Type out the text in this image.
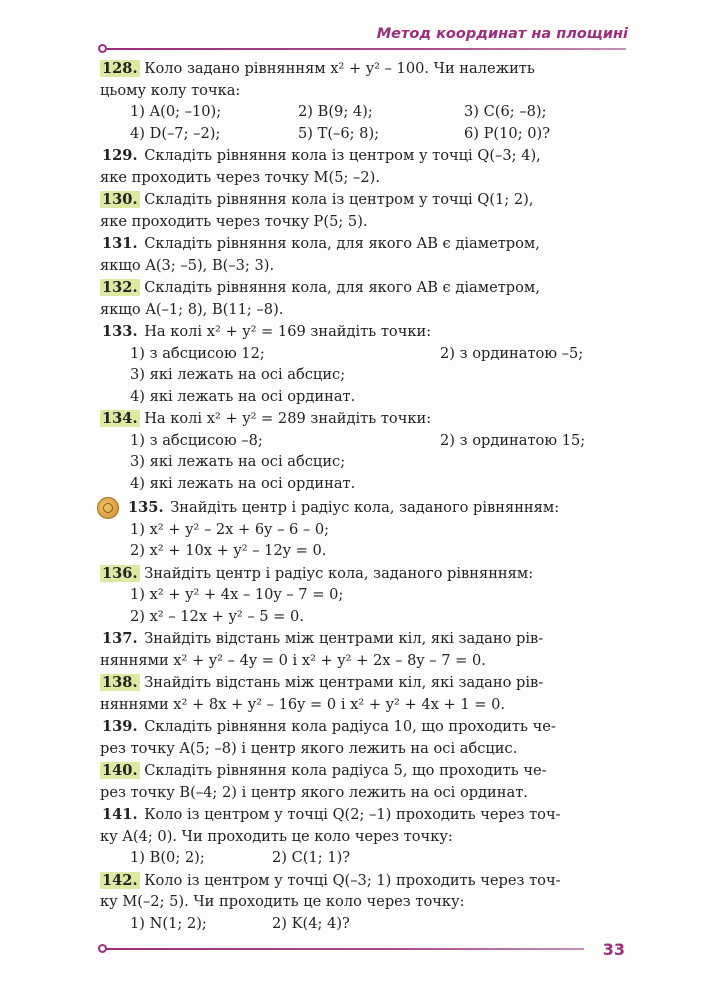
Метод координат на площині
128. Коло задано рівнянням x² + y² – 100. Чи належить
цьому колу точка:
1) A(0; –10);	2) B(9; 4);	3) C(6; –8);
4) D(–7; –2);	5) T(–6; 8);	6) P(10; 0)?
129. Складіть рівняння кола із центром у точці Q(–3; 4),
яке проходить через точку M(5; –2).
130. Складіть рівняння кола із центром у точці Q(1; 2),
яке проходить через точку P(5; 5).
131. Складіть рівняння кола, для якого AB є діаметром,
якщо A(3; –5), B(–3; 3).
132. Складіть рівняння кола, для якого AB є діаметром,
якщо A(–1; 8), B(11; –8).
133. На колі x² + y² = 169 знайдіть точки:
1) з абсцисою 12;	2) з ординатою –5;
3) які лежать на осі абсцис;
4) які лежать на осі ординат.
134. На колі x² + y² = 289 знайдіть точки:
1) з абсцисою –8;	2) з ординатою 15;
3) які лежать на осі абсцис;
4) які лежать на осі ординат.
135. Знайдіть центр і радіус кола, заданого рівнянням:
1) x² + y² – 2x + 6y – 6 – 0;
2) x² + 10x + y² – 12y = 0.
136. Знайдіть центр і радіус кола, заданого рівнянням:
1) x² + y² + 4x – 10y – 7 = 0;
2) x² – 12x + y² – 5 = 0.
137. Знайдіть відстань між центрами кіл, які задано рів-
няннями x² + y² – 4y = 0 і x² + y² + 2x – 8y – 7 = 0.
138. Знайдіть відстань між центрами кіл, які задано рів-
няннями x² + 8x + y² – 16y = 0 і x² + y² + 4x + 1 = 0.
139. Складіть рівняння кола радіуса 10, що проходить че-
рез точку A(5; –8) і центр якого лежить на осі абсцис.
140. Складіть рівняння кола радіуса 5, що проходить че-
рез точку B(–4; 2) і центр якого лежить на осі ординат.
141. Коло із центром у точці Q(2; –1) проходить через точ-
ку A(4; 0). Чи проходить це коло через точку:
1) B(0; 2);	2) C(1; 1)?
142. Коло із центром у точці Q(–3; 1) проходить через точ-
ку M(–2; 5). Чи проходить це коло через точку:
1) N(1; 2);	2) K(4; 4)?
33
